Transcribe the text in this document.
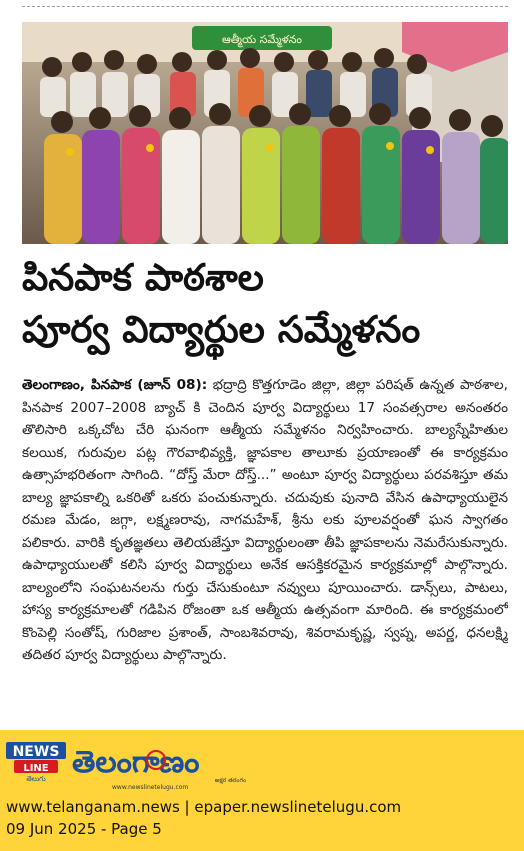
ఆత్మీయ సమ్మేళనం
పినపాక పాఠశాల
పూర్వ విద్యార్థుల సమ్మేళనం

తెలంగాణం, పినపాక (జూన్ 08): భద్రాద్రి కొత్తగూడెం జిల్లా, జిల్లా పరిషత్ ఉన్నత పాఠశాల, పినపాక 2007–2008 బ్యాచ్ కి చెందిన పూర్వ విద్యార్థులు 17 సంవత్సరాల అనంతరం తొలిసారి ఒక్కచోట చేరి ఘనంగా ఆత్మీయ సమ్మేళనం నిర్వహించారు. బాల్యస్నేహితుల కలయిక, గురువుల పట్ల గౌరవాభివ్యక్తి, జ్ఞాపకాల తాలూకు ప్రయాణంతో ఈ కార్యక్రమం ఉత్సాహభరితంగా సాగింది. “దోస్త్ మేరా దోస్త్...” అంటూ పూర్వ విద్యార్థులు పరవశిస్తూ తమ బాల్య జ్ఞాపకాల్ని ఒకరితో ఒకరు పంచుకున్నారు. చదువుకు పునాది వేసిన ఉపాధ్యాయులైన రమణ మేడం, జగ్గా, లక్ష్మణరావు, నాగమహేశ్, శ్రీను లకు పూలవర్షంతో ఘన స్వాగతం పలికారు. వారికి కృతజ్ఞతలు తెలియజేస్తూ విద్యార్థులంతా తీపి జ్ఞాపకాలను నెమరేసుకున్నారు. ఉపాధ్యాయులతో కలిసి పూర్వ విద్యార్థులు అనేక ఆసక్తికరమైన కార్యక్రమాల్లో పాల్గొన్నారు. బాల్యంలోని సంఘటనలను గుర్తు చేసుకుంటూ నవ్వులు పూయించారు. డాన్స్‌లు, పాటలు, హాస్య కార్యక్రమాలతో గడిపిన రోజంతా ఒక ఆత్మీయ ఉత్సవంగా మారింది. ఈ కార్యక్రమంలో కొంపెల్లి సంతోష్, గురిజాల ప్రశాంత్, సాంబశివరావు, శివరామకృష్ణ, స్వప్న, అపర్ణ, ధనలక్ష్మి తదితర పూర్వ విద్యార్థులు పాల్గొన్నారు.

NEWS
LINE
తెలుగు తెలంగాణం
అక్షర తరంగం
www.newslinetelugu.com
www.telanganam.news | epaper.newslinetelugu.com
09 Jun 2025 - Page 5
